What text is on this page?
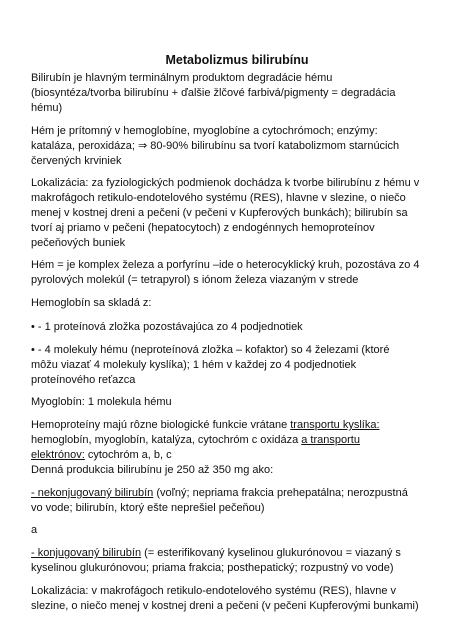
Metabolizmus bilirubínu
Bilirubín je hlavným terminálnym produktom degradácie hému
(biosyntéza/tvorba bilirubínu + ďalšie žlčové farbivá/pigmenty = degradácia
hému)
Hém je prítomný v hemoglobíne, myoglobíne a cytochrómoch; enzýmy:
kataláza, peroxidáza; ⇒ 80-90% bilirubínu sa tvorí katabolizmom starnúcich
červených krviniek
Lokalizácia: za fyziologických podmienok dochádza k tvorbe bilirubínu z hému v
makrofágoch retikulo-endotelového systému (RES), hlavne v slezine, o niečo
menej v kostnej dreni a pečeni (v pečeni v Kupferových bunkách); bilirubín sa
tvorí aj priamo v pečeni (hepatocytoch) z endogénnych hemoproteínov
pečeňových buniek
Hém = je komplex železa a porfyrínu –ide o heterocyklický kruh, pozostáva zo 4
pyrolových molekúl (= tetrapyrol) s iónom železa viazaným v strede
Hemoglobín sa skladá z:
• - 1 proteínová zložka pozostávajúca zo 4 podjednotiek
• - 4 molekuly hému (neproteínová zložka – kofaktor) so 4 železami (ktoré
môžu viazať 4 molekuly kyslíka); 1 hém v každej zo 4 podjednotiek
proteínového reťazca
Myoglobín: 1 molekula hému
Hemoproteíny majú rôzne biologické funkcie vrátane transportu kyslíka:
hemoglobín, myoglobín, katalýza, cytochróm c oxidáza a transportu
elektrónov: cytochróm a, b, c
Denná produkcia bilirubínu je 250 až 350 mg ako:
- nekonjugovaný bilirubín (voľný; nepriama frakcia prehepatálna; nerozpustná
vo vode; bilirubín, ktorý ešte neprešiel pečeňou)
a
- konjugovaný bilirubín (= esterifikovaný kyselinou glukurónovou = viazaný s
kyselinou glukurónovou; priama frakcia; posthepatický; rozpustný vo vode)
Lokalizácia: v makrofágoch retikulo-endotelového systému (RES), hlavne v
slezine, o niečo menej v kostnej dreni a pečeni (v pečeni Kupferovými bunkami)
